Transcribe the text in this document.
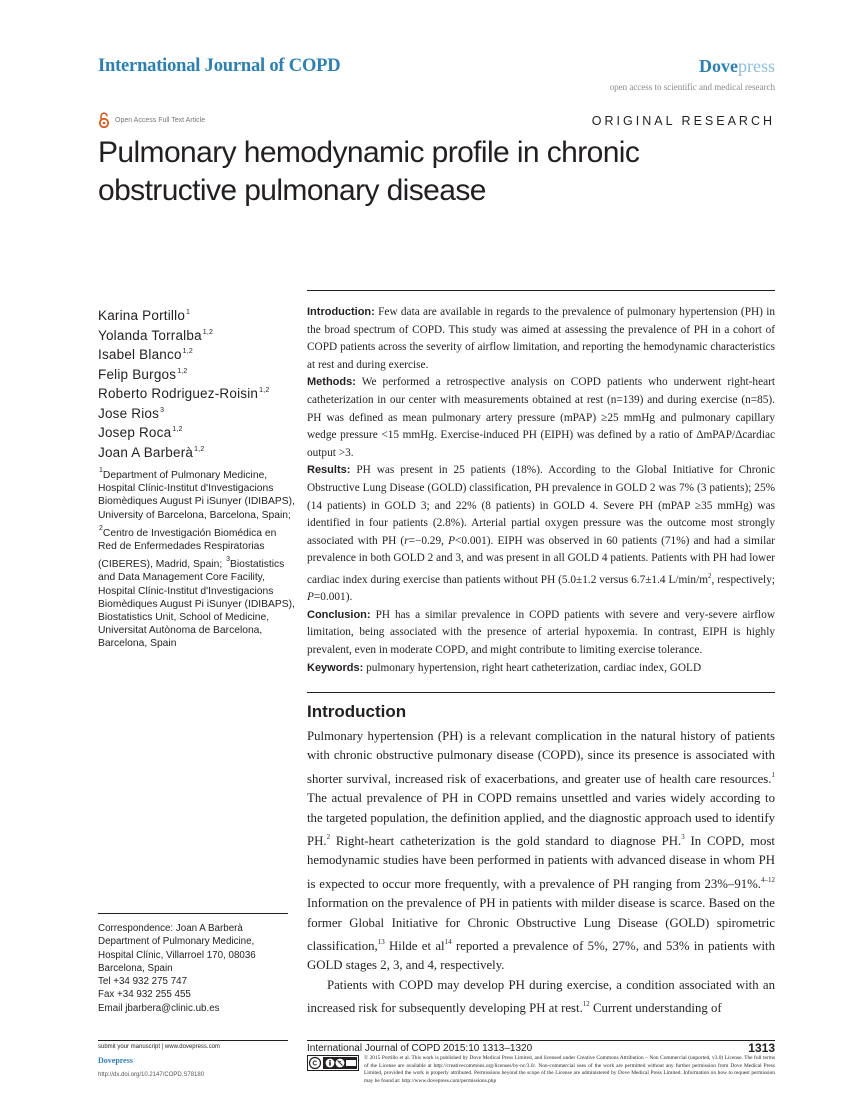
International Journal of COPD	Dovepress
open access to scientific and medical research
Open Access Full Text Article	ORIGINAL RESEARCH
Pulmonary hemodynamic profile in chronic obstructive pulmonary disease
Karina Portillo$^1$
Yolanda Torralba$^{1,2}$
Isabel Blanco$^{1,2}$
Felip Burgos$^{1,2}$
Roberto Rodriguez-Roisin$^{1,2}$
Jose Rios$^3$
Josep Roca$^{1,2}$
Joan A Barberà$^{1,2}$
$^1$Department of Pulmonary Medicine, Hospital Clínic-Institut d'Investigacions Biomèdiques August Pi iSunyer (IDIBAPS), University of Barcelona, Barcelona, Spain; $^2$Centro de Investigación Biomédica en Red de Enfermedades Respiratorias (CIBERES), Madrid, Spain; $^3$Biostatistics and Data Management Core Facility, Hospital Clínic-Institut d'Investigacions Biomèdiques August Pi iSunyer (IDIBAPS), Biostatistics Unit, School of Medicine, Universitat Autònoma de Barcelona, Barcelona, Spain
Correspondence: Joan A Barberà
Department of Pulmonary Medicine,
Hospital Clínic, Villarroel 170, 08036
Barcelona, Spain
Tel +34 932 275 747
Fax +34 932 255 455
Email jbarbera@clinic.ub.es

Introduction: Few data are available in regards to the prevalence of pulmonary hypertension (PH) in the broad spectrum of COPD. This study was aimed at assessing the prevalence of PH in a cohort of COPD patients across the severity of airflow limitation, and reporting the hemodynamic characteristics at rest and during exercise.

Methods: We performed a retrospective analysis on COPD patients who underwent right-heart catheterization in our center with measurements obtained at rest (n=139) and during exercise (n=85). PH was defined as mean pulmonary artery pressure (mPAP) ≥25 mmHg and pulmonary capillary wedge pressure <15 mmHg. Exercise-induced PH (EIPH) was defined by a ratio of ΔmPAP/Δcardiac output >3.

Results: PH was present in 25 patients (18%). According to the Global Initiative for Chronic Obstructive Lung Disease (GOLD) classification, PH prevalence in GOLD 2 was 7% (3 patients); 25% (14 patients) in GOLD 3; and 22% (8 patients) in GOLD 4. Severe PH (mPAP ≥35 mmHg) was identified in four patients (2.8%). Arterial partial oxygen pressure was the outcome most strongly associated with PH (r=−0.29, P<0.001). EIPH was observed in 60 patients (71%) and had a similar prevalence in both GOLD 2 and 3, and was present in all GOLD 4 patients. Patients with PH had lower cardiac index during exercise than patients without PH (5.0±1.2 versus 6.7±1.4 $L/\min/m^2$, respectively; P=0.001).

Conclusion: PH has a similar prevalence in COPD patients with severe and very-severe airflow limitation, being associated with the presence of arterial hypoxemia. In contrast, EIPH is highly prevalent, even in moderate COPD, and might contribute to limiting exercise tolerance.

Keywords: pulmonary hypertension, right heart catheterization, cardiac index, GOLD

Introduction

Pulmonary hypertension (PH) is a relevant complication in the natural history of patients with chronic obstructive pulmonary disease (COPD), since its presence is associated with shorter survival, increased risk of exacerbations, and greater use of health care resources.$^1$ The actual prevalence of PH in COPD remains unsettled and varies widely according to the targeted population, the definition applied, and the diagnostic approach used to identify PH.$^2$ Right-heart catheterization is the gold standard to diagnose PH.$^3$ In COPD, most hemodynamic studies have been performed in patients with advanced disease in whom PH is expected to occur more frequently, with a prevalence of PH ranging from 23%–91%.$^{4-12}$ Information on the prevalence of PH in patients with milder disease is scarce. Based on the former Global Initiative for Chronic Obstructive Lung Disease (GOLD) spirometric classification,$^{13}$ Hilde et $al^{14}$ reported a prevalence of 5%, 27%, and 53% in patients with GOLD stages 2, 3, and 4, respectively.

Patients with COPD may develop PH during exercise, a condition associated with an increased risk for subsequently developing PH at rest.$^{12}$ Current understanding of

submit your manuscript | www.dovepress.com
Dovepress
http://dx.doi.org/10.2147/COPD.S78180
International Journal of COPD 2015:10 1313–1320	1313
© 2015 Portillo et al. This work is published by Dove Medical Press Limited, and licensed under Creative Commons Attribution – Non Commercial (unported, v3.0) License. The full terms of the License are available at http://creativecommons.org/licenses/by-nc/3.0/. Non-commercial uses of the work are permitted without any further permission from Dove Medical Press Limited, provided the work is properly attributed. Permissions beyond the scope of the License are administered by Dove Medical Press Limited. Information on how to request permission may be found at: http://www.dovepress.com/permissions.php
